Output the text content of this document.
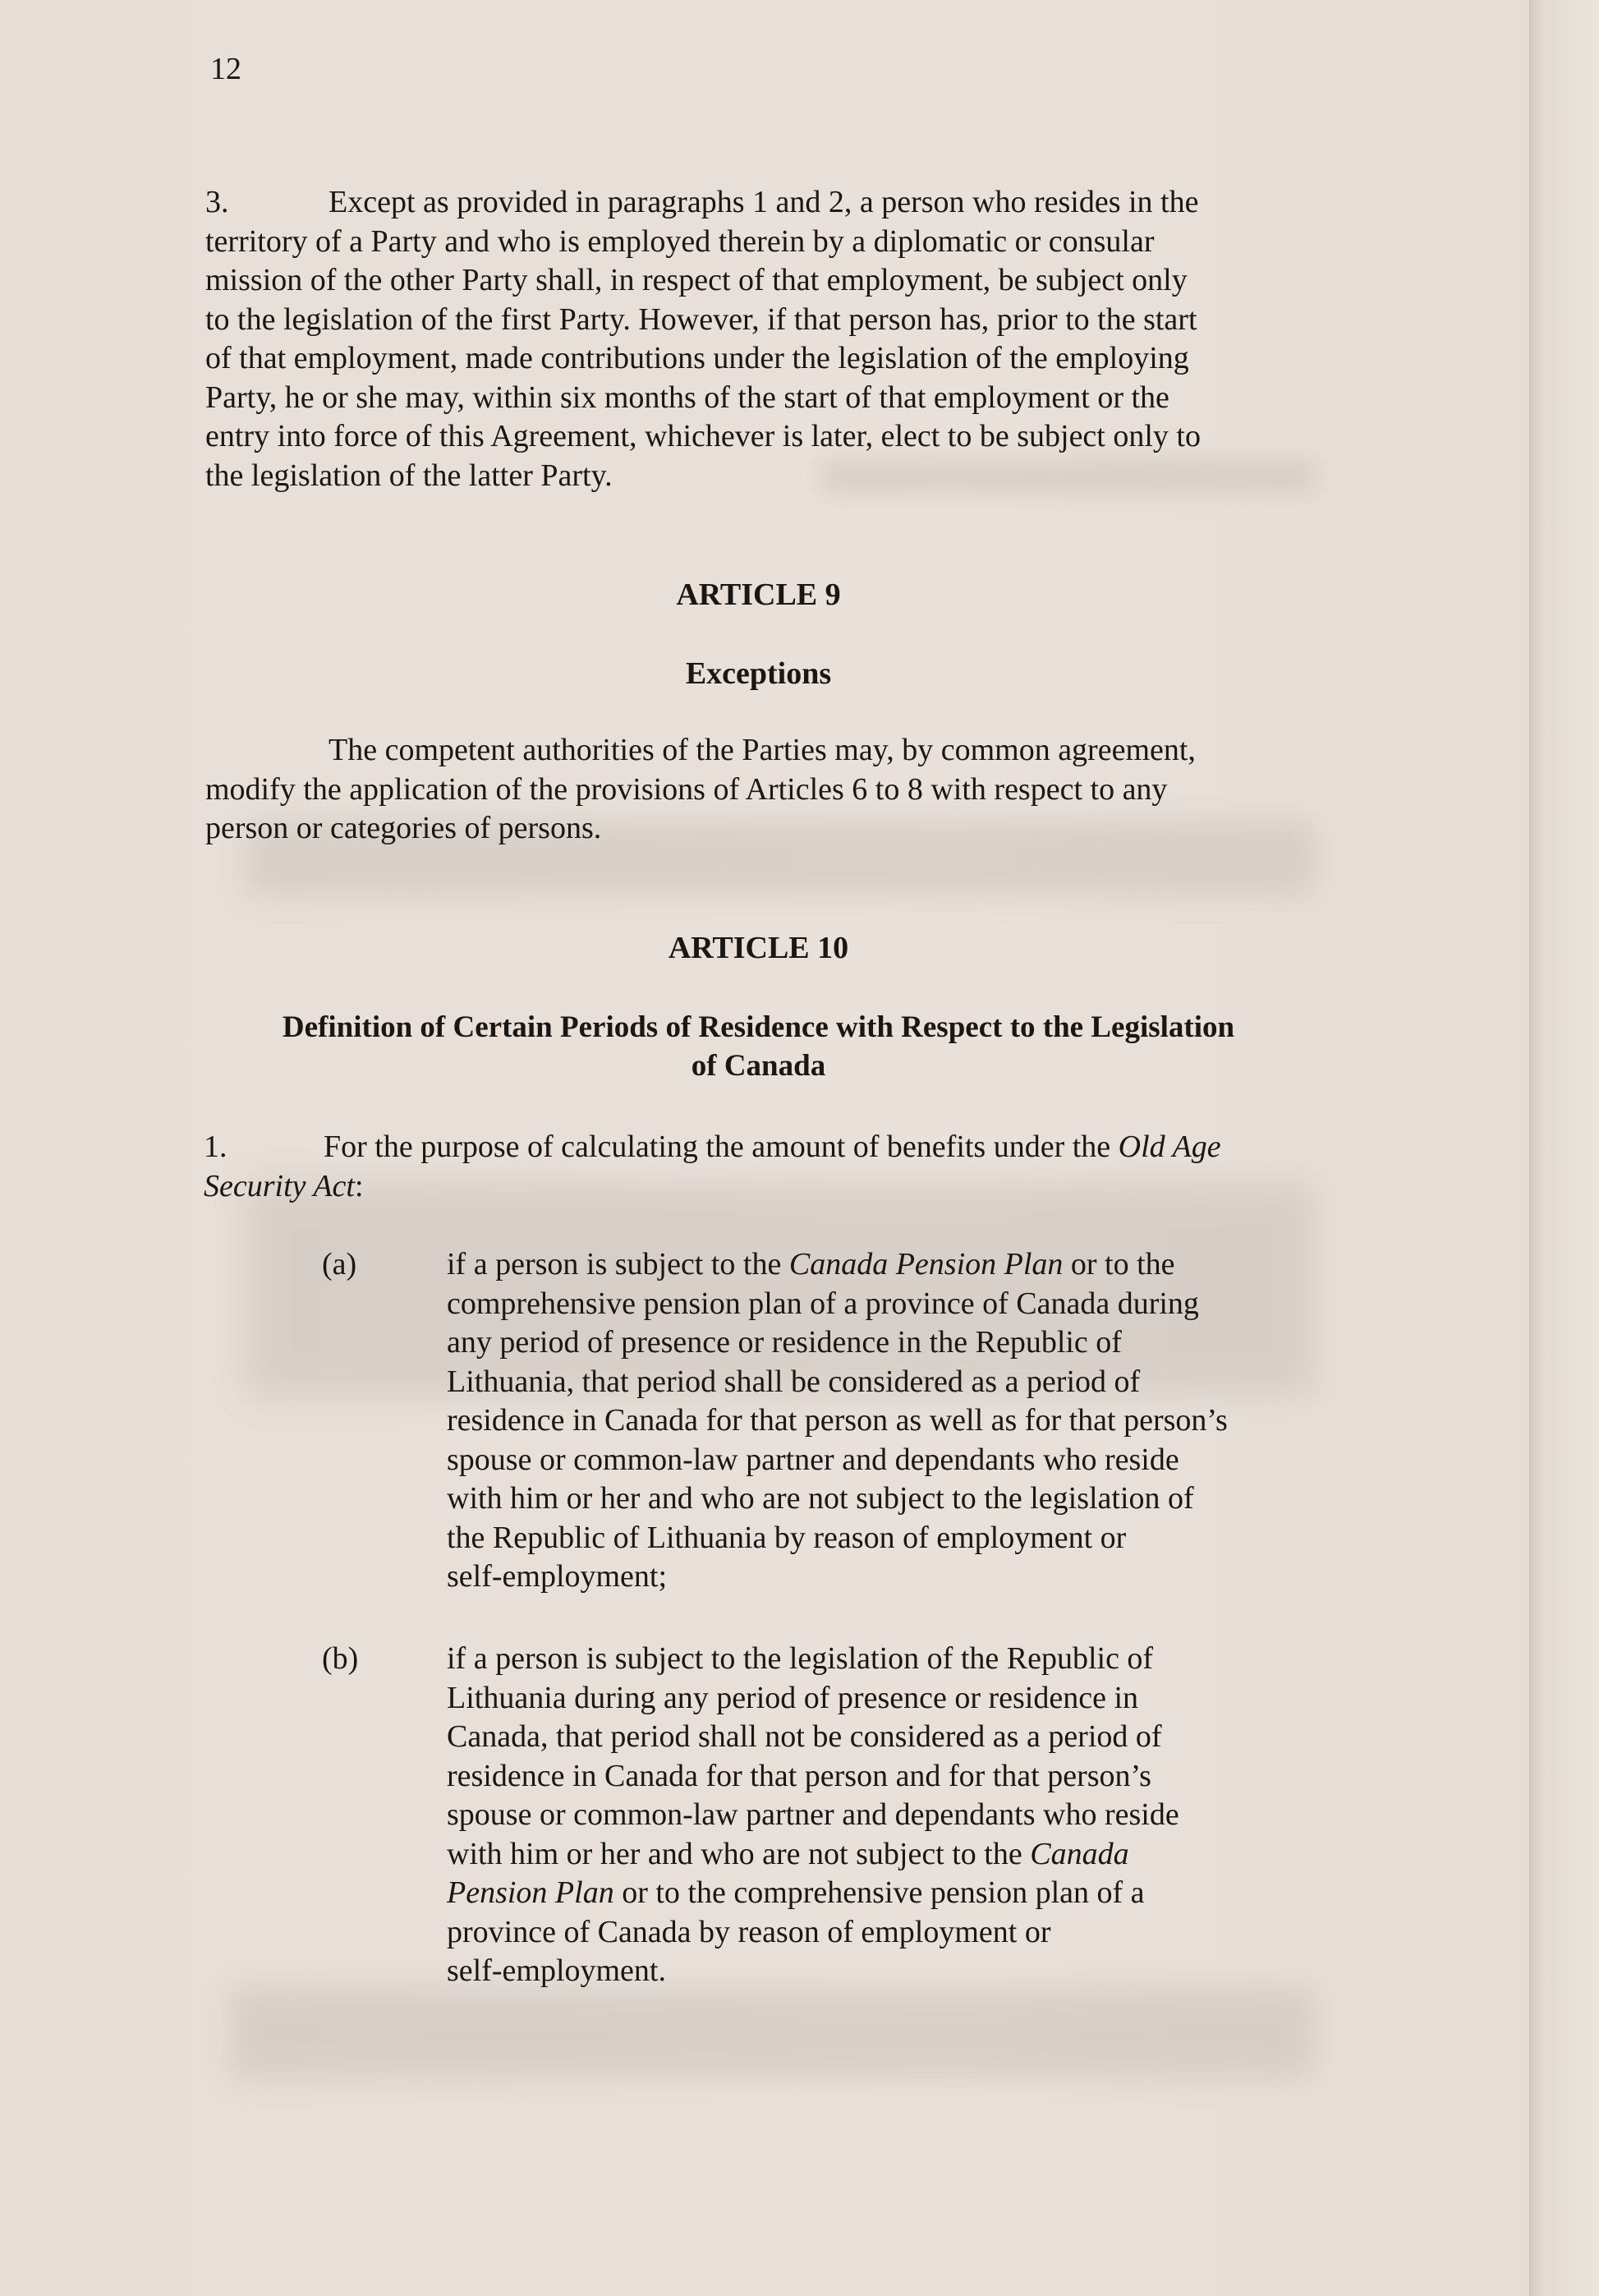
12
3.	Except as provided in paragraphs 1 and 2, a person who resides in the
territory of a Party and who is employed therein by a diplomatic or consular
mission of the other Party shall, in respect of that employment, be subject only
to the legislation of the first Party. However, if that person has, prior to the start
of that employment, made contributions under the legislation of the employing
Party, he or she may, within six months of the start of that employment or the
entry into force of this Agreement, whichever is later, elect to be subject only to
the legislation of the latter Party.
ARTICLE 9
Exceptions
The competent authorities of the Parties may, by common agreement,
modify the application of the provisions of Articles 6 to 8 with respect to any
person or categories of persons.
ARTICLE 10
Definition of Certain Periods of Residence with Respect to the Legislation
of Canada
1.	For the purpose of calculating the amount of benefits under the Old Age
Security Act:
(a)	if a person is subject to the Canada Pension Plan or to the
comprehensive pension plan of a province of Canada during
any period of presence or residence in the Republic of
Lithuania, that period shall be considered as a period of
residence in Canada for that person as well as for that person’s
spouse or common-law partner and dependants who reside
with him or her and who are not subject to the legislation of
the Republic of Lithuania by reason of employment or
self-employment;
(b)	if a person is subject to the legislation of the Republic of
Lithuania during any period of presence or residence in
Canada, that period shall not be considered as a period of
residence in Canada for that person and for that person’s
spouse or common-law partner and dependants who reside
with him or her and who are not subject to the Canada
Pension Plan or to the comprehensive pension plan of a
province of Canada by reason of employment or
self-employment.
